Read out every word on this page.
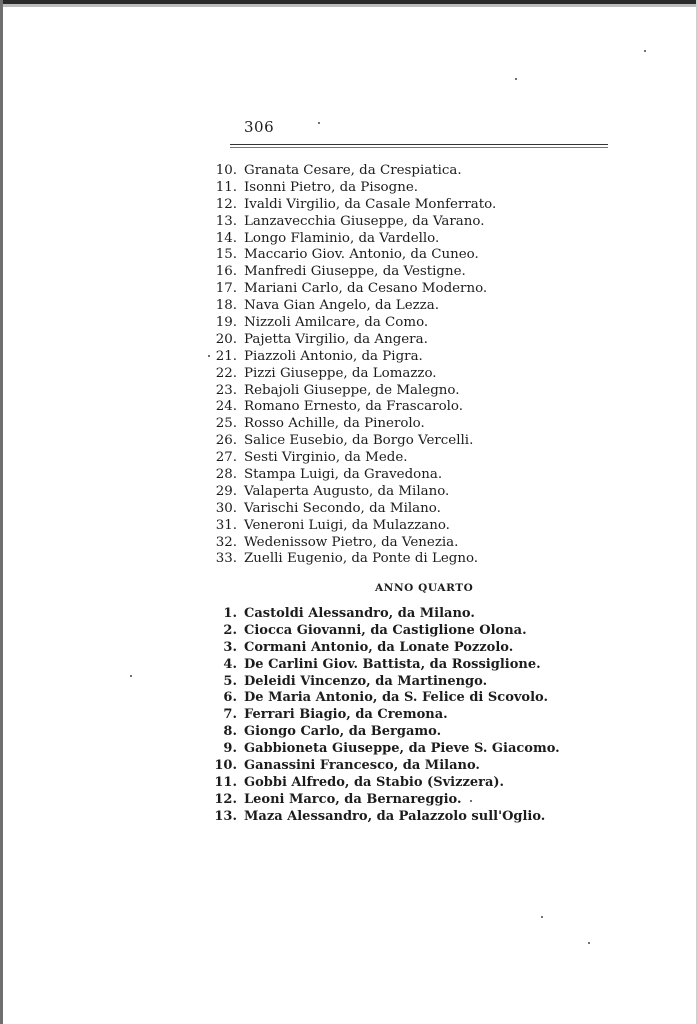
306
10. Granata Cesare, da Crespiatica.
11. Isonni Pietro, da Pisogne.
12. Ivaldi Virgilio, da Casale Monferrato.
13. Lanzavecchia Giuseppe, da Varano.
14. Longo Flaminio, da Vardello.
15. Maccario Giov. Antonio, da Cuneo.
16. Manfredi Giuseppe, da Vestigne.
17. Mariani Carlo, da Cesano Moderno.
18. Nava Gian Angelo, da Lezza.
19. Nizzoli Amilcare, da Como.
20. Pajetta Virgilio, da Angera.
21. Piazzoli Antonio, da Pigra.
22. Pizzi Giuseppe, da Lomazzo.
23. Rebajoli Giuseppe, de Malegno.
24. Romano Ernesto, da Frascarolo.
25. Rosso Achille, da Pinerolo.
26. Salice Eusebio, da Borgo Vercelli.
27. Sesti Virginio, da Mede.
28. Stampa Luigi, da Gravedona.
29. Valaperta Augusto, da Milano.
30. Varischi Secondo, da Milano.
31. Veneroni Luigi, da Mulazzano.
32. Wedenissow Pietro, da Venezia.
33. Zuelli Eugenio, da Ponte di Legno.
ANNO QUARTO
1. Castoldi Alessandro, da Milano.
2. Ciocca Giovanni, da Castiglione Olona.
3. Cormani Antonio, da Lonate Pozzolo.
4. De Carlini Giov. Battista, da Rossiglione.
5. Deleidi Vincenzo, da Martinengo.
6. De Maria Antonio, da S. Felice di Scovolo.
7. Ferrari Biagio, da Cremona.
8. Giongo Carlo, da Bergamo.
9. Gabbioneta Giuseppe, da Pieve S. Giacomo.
10. Ganassini Francesco, da Milano.
11. Gobbi Alfredo, da Stabio (Svizzera).
12. Leoni Marco, da Bernareggio.
13. Maza Alessandro, da Palazzolo sull'Oglio.
